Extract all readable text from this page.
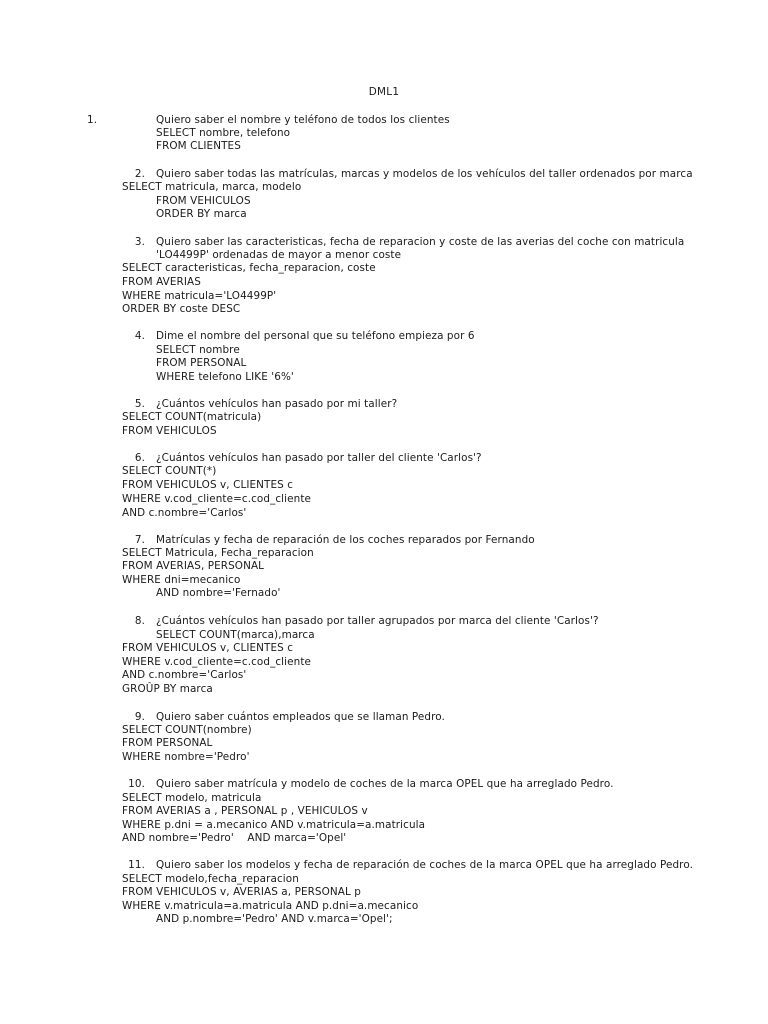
DML1
1.	Quiero saber el nombre y teléfono de todos los clientes
SELECT nombre, telefono
FROM CLIENTES
2. Quiero saber todas las matrículas, marcas y modelos de los vehículos del taller ordenados por marca
SELECT matricula, marca, modelo
FROM VEHICULOS
ORDER BY marca
3. Quiero saber las caracteristicas, fecha de reparacion y coste de las averias del coche con matricula
'LO4499P' ordenadas de mayor a menor coste
SELECT caracteristicas, fecha_reparacion, coste
FROM AVERIAS
WHERE matricula='LO4499P'
ORDER BY coste DESC
4. Dime el nombre del personal que su teléfono empieza por 6
SELECT nombre
FROM PERSONAL
WHERE telefono LIKE '6%'
5. ¿Cuántos vehículos han pasado por mi taller?
SELECT COUNT(matricula)
FROM VEHICULOS
6. ¿Cuántos vehículos han pasado por taller del cliente 'Carlos'?
SELECT COUNT(*)
FROM VEHICULOS v, CLIENTES c
WHERE v.cod_cliente=c.cod_cliente
AND c.nombre='Carlos'
7. Matrículas y fecha de reparación de los coches reparados por Fernando
SELECT Matricula, Fecha_reparacion
FROM AVERIAS, PERSONAL
WHERE dni=mecanico
AND nombre='Fernado'
8. ¿Cuántos vehículos han pasado por taller agrupados por marca del cliente 'Carlos'?
SELECT COUNT(marca),marca
FROM VEHICULOS v, CLIENTES c
WHERE v.cod_cliente=c.cod_cliente
AND c.nombre='Carlos'
GROÛP BY marca
9. Quiero saber cuántos empleados que se llaman Pedro.
SELECT COUNT(nombre)
FROM PERSONAL
WHERE nombre='Pedro'
10. Quiero saber matrícula y modelo de coches de la marca OPEL que ha arreglado Pedro.
SELECT modelo, matricula
FROM AVERIAS a , PERSONAL p , VEHICULOS v
WHERE p.dni = a.mecanico AND v.matricula=a.matricula
AND nombre='Pedro'    AND marca='Opel'
11. Quiero saber los modelos y fecha de reparación de coches de la marca OPEL que ha arreglado Pedro.
SELECT modelo,fecha_reparacion
FROM VEHICULOS v, AVERIAS a, PERSONAL p
WHERE v.matricula=a.matricula AND p.dni=a.mecanico
AND p.nombre='Pedro' AND v.marca='Opel';
